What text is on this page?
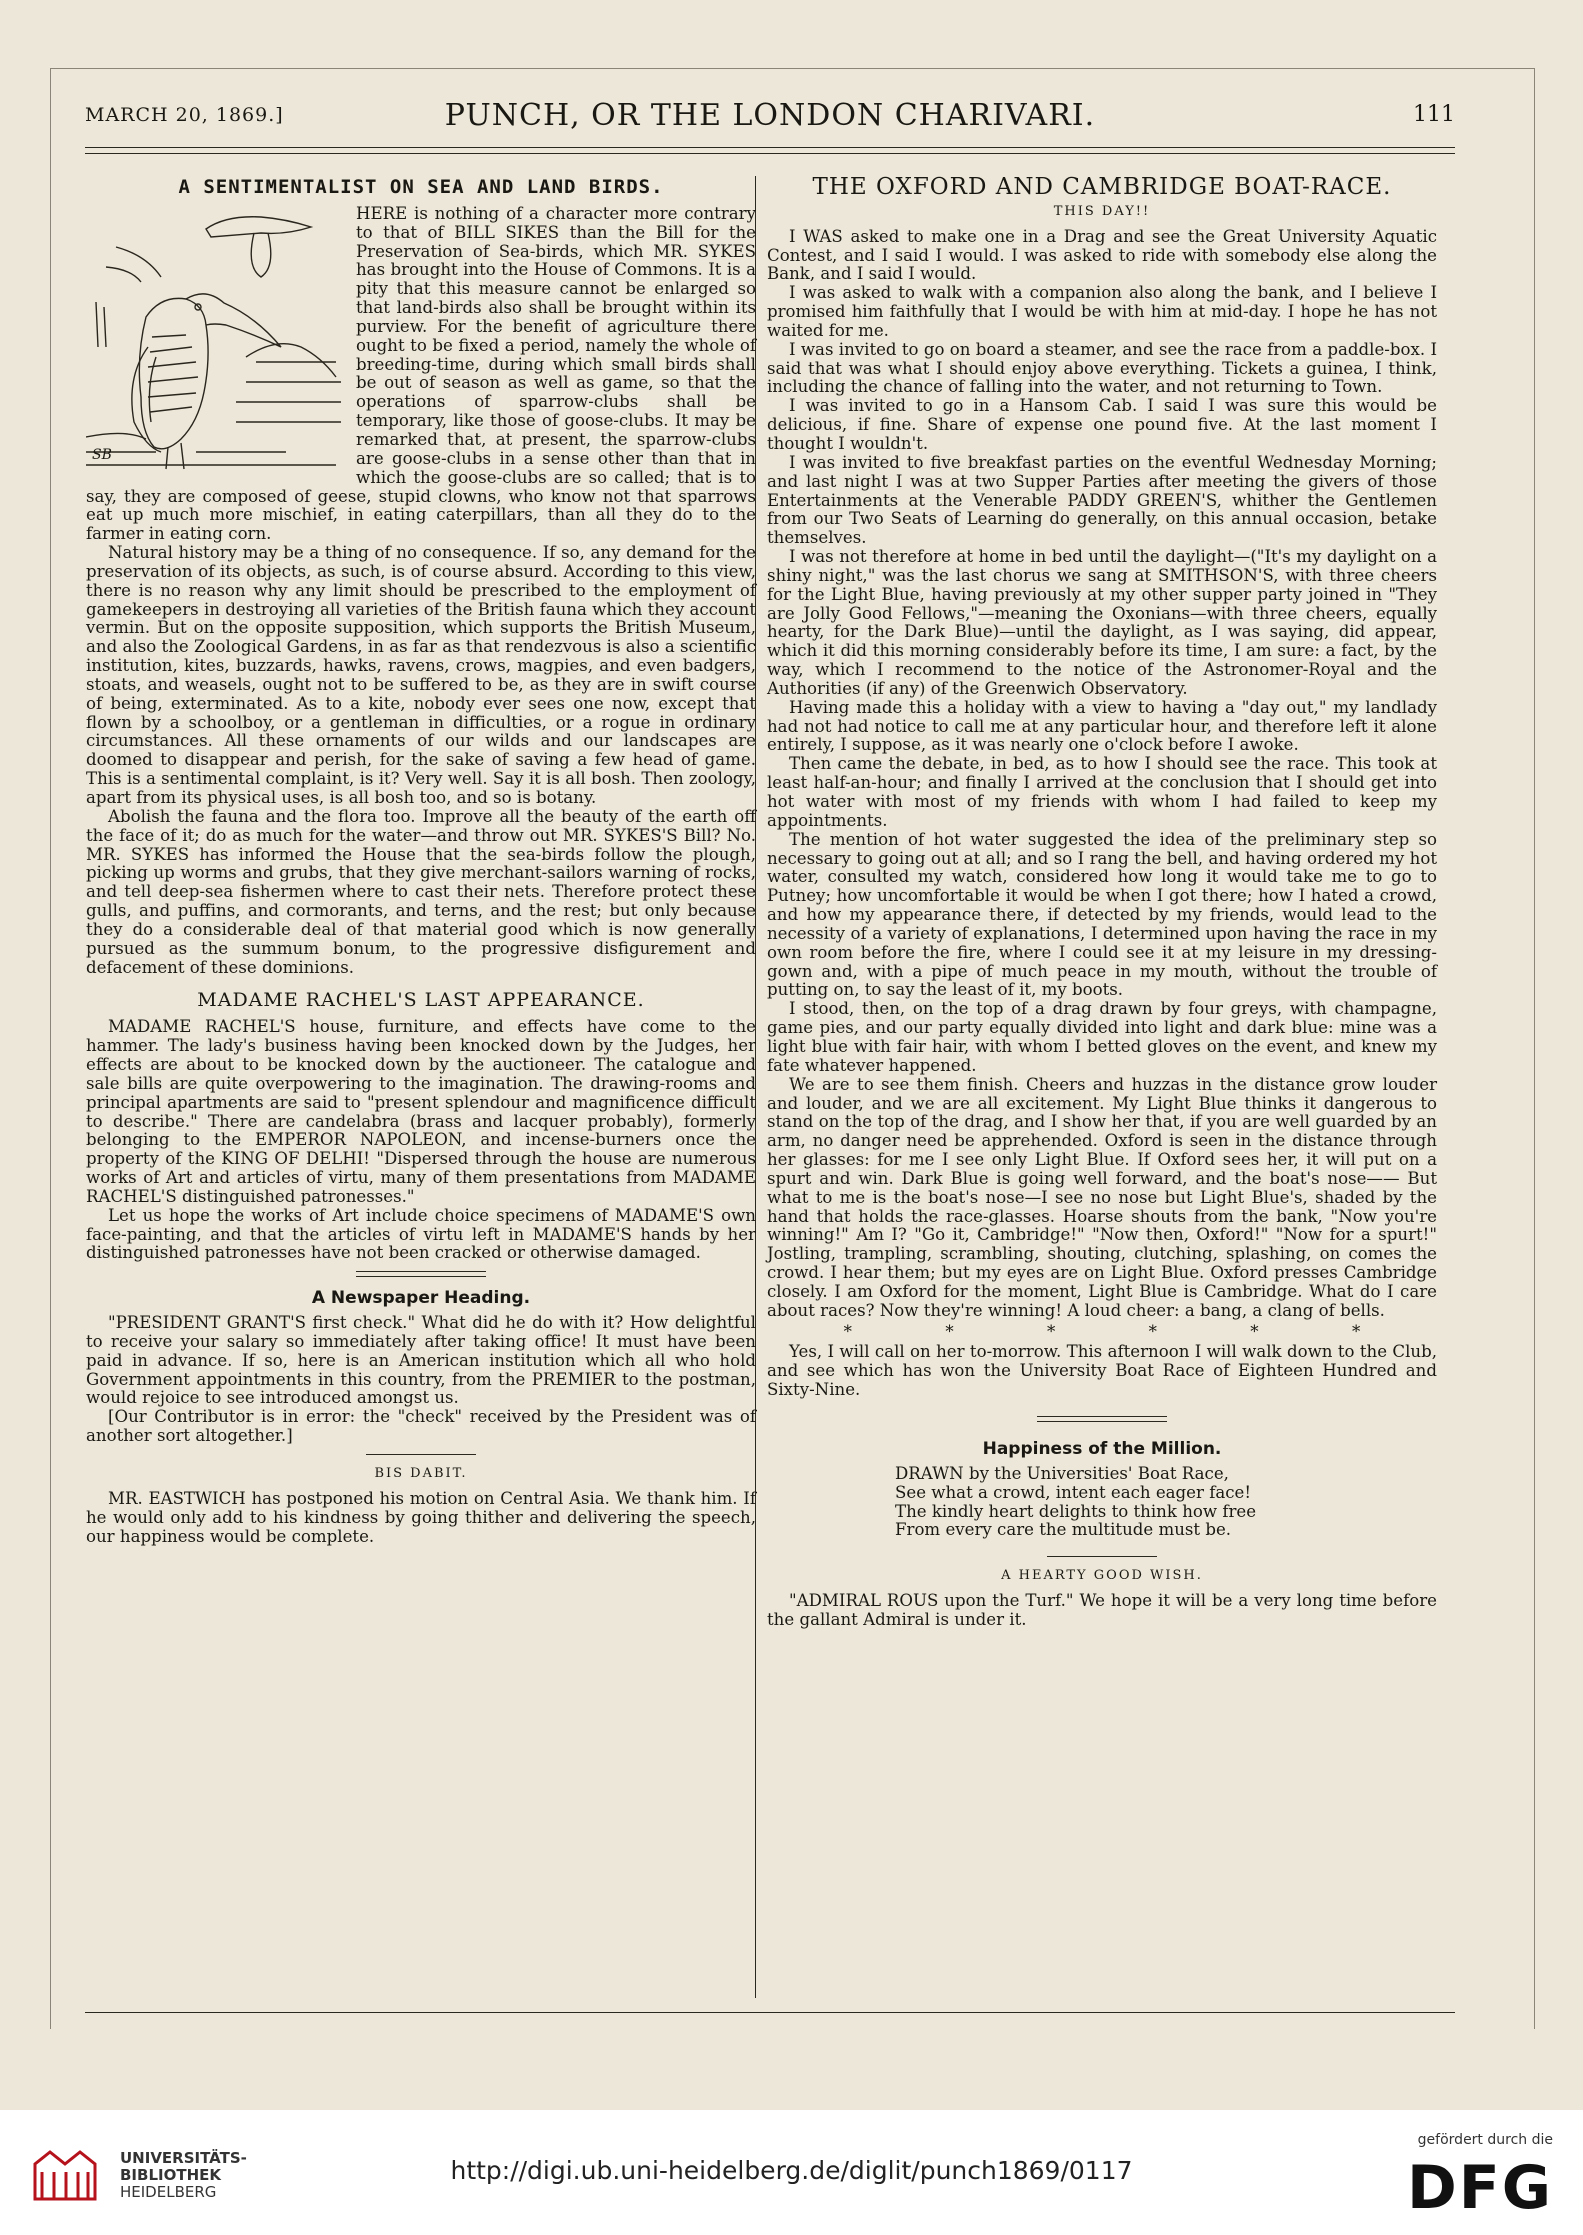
MARCH 20, 1869.]	PUNCH, OR THE LONDON CHARIVARI.	111
A SENTIMENTALIST ON SEA AND LAND BIRDS.
SB

HERE is nothing of a character more contrary to that of BILL SIKES than the Bill for the Preservation of Sea-birds, which MR. SYKES has brought into the House of Commons. It is a pity that this measure cannot be enlarged so that land-birds also shall be brought within its purview. For the benefit of agriculture there ought to be fixed a period, namely the whole of breeding-time, during which small birds shall be out of season as well as game, so that the operations of sparrow-clubs shall be temporary, like those of goose-clubs. It may be remarked that, at present, the sparrow-clubs are goose-clubs in a sense other than that in which the goose-clubs are so called; that is to say, they are composed of geese, stupid clowns, who know not that sparrows eat up much more mischief, in eating caterpillars, than all they do to the farmer in eating corn.

Natural history may be a thing of no consequence. If so, any demand for the preservation of its objects, as such, is of course absurd. According to this view, there is no reason why any limit should be prescribed to the employment of gamekeepers in destroying all varieties of the British fauna which they account vermin. But on the opposite supposition, which supports the British Museum, and also the Zoological Gardens, in as far as that rendezvous is also a scientific institution, kites, buzzards, hawks, ravens, crows, magpies, and even badgers, stoats, and weasels, ought not to be suffered to be, as they are in swift course of being, exterminated. As to a kite, nobody ever sees one now, except that flown by a schoolboy, or a gentleman in difficulties, or a rogue in ordinary circumstances. All these ornaments of our wilds and our landscapes are doomed to disappear and perish, for the sake of saving a few head of game. This is a sentimental complaint, is it? Very well. Say it is all bosh. Then zoology, apart from its physical uses, is all bosh too, and so is botany.

Abolish the fauna and the flora too. Improve all the beauty of the earth off the face of it; do as much for the water—and throw out MR. SYKES'S Bill? No. MR. SYKES has informed the House that the sea-birds follow the plough, picking up worms and grubs, that they give merchant-sailors warning of rocks, and tell deep-sea fishermen where to cast their nets. Therefore protect these gulls, and puffins, and cormorants, and terns, and the rest; but only because they do a considerable deal of that material good which is now generally pursued as the summum bonum, to the progressive disfigurement and defacement of these dominions.

MADAME RACHEL'S LAST APPEARANCE.

MADAME RACHEL'S house, furniture, and effects have come to the hammer. The lady's business having been knocked down by the Judges, her effects are about to be knocked down by the auctioneer. The catalogue and sale bills are quite overpowering to the imagination. The drawing-rooms and principal apartments are said to "present splendour and magnificence difficult to describe." There are candelabra (brass and lacquer probably), formerly belonging to the EMPEROR NAPOLEON, and incense-burners once the property of the KING OF DELHI! "Dispersed through the house are numerous works of Art and articles of virtu, many of them presentations from MADAME RACHEL'S distinguished patronesses."

Let us hope the works of Art include choice specimens of MADAME'S own face-painting, and that the articles of virtu left in MADAME'S hands by her distinguished patronesses have not been cracked or otherwise damaged.

A Newspaper Heading.

"PRESIDENT GRANT'S first check." What did he do with it? How delightful to receive your salary so immediately after taking office! It must have been paid in advance. If so, here is an American institution which all who hold Government appointments in this country, from the PREMIER to the postman, would rejoice to see introduced amongst us.

[Our Contributor is in error: the "check" received by the President was of another sort altogether.]

BIS DABIT.

MR. EASTWICH has postponed his motion on Central Asia. We thank him. If he would only add to his kindness by going thither and delivering the speech, our happiness would be complete.

THE OXFORD AND CAMBRIDGE BOAT-RACE.
THIS DAY!!

I WAS asked to make one in a Drag and see the Great University Aquatic Contest, and I said I would. I was asked to ride with somebody else along the Bank, and I said I would.

I was asked to walk with a companion also along the bank, and I believe I promised him faithfully that I would be with him at mid-day. I hope he has not waited for me.

I was invited to go on board a steamer, and see the race from a paddle-box. I said that was what I should enjoy above everything. Tickets a guinea, I think, including the chance of falling into the water, and not returning to Town.

I was invited to go in a Hansom Cab. I said I was sure this would be delicious, if fine. Share of expense one pound five. At the last moment I thought I wouldn't.

I was invited to five breakfast parties on the eventful Wednesday Morning; and last night I was at two Supper Parties after meeting the givers of those Entertainments at the Venerable PADDY GREEN'S, whither the Gentlemen from our Two Seats of Learning do generally, on this annual occasion, betake themselves.

I was not therefore at home in bed until the daylight—("It's my daylight on a shiny night," was the last chorus we sang at SMITHSON'S, with three cheers for the Light Blue, having previously at my other supper party joined in "They are Jolly Good Fellows,"—meaning the Oxonians—with three cheers, equally hearty, for the Dark Blue)—until the daylight, as I was saying, did appear, which it did this morning considerably before its time, I am sure: a fact, by the way, which I recommend to the notice of the Astronomer-Royal and the Authorities (if any) of the Greenwich Observatory.

Having made this a holiday with a view to having a "day out," my landlady had not had notice to call me at any particular hour, and therefore left it alone entirely, I suppose, as it was nearly one o'clock before I awoke.

Then came the debate, in bed, as to how I should see the race. This took at least half-an-hour; and finally I arrived at the conclusion that I should get into hot water with most of my friends with whom I had failed to keep my appointments.

The mention of hot water suggested the idea of the preliminary step so necessary to going out at all; and so I rang the bell, and having ordered my hot water, consulted my watch, considered how long it would take me to go to Putney; how uncomfortable it would be when I got there; how I hated a crowd, and how my appearance there, if detected by my friends, would lead to the necessity of a variety of explanations, I determined upon having the race in my own room before the fire, where I could see it at my leisure in my dressing-gown and, with a pipe of much peace in my mouth, without the trouble of putting on, to say the least of it, my boots.

I stood, then, on the top of a drag drawn by four greys, with champagne, game pies, and our party equally divided into light and dark blue: mine was a light blue with fair hair, with whom I betted gloves on the event, and knew my fate whatever happened.

We are to see them finish. Cheers and huzzas in the distance grow louder and louder, and we are all excitement. My Light Blue thinks it dangerous to stand on the top of the drag, and I show her that, if you are well guarded by an arm, no danger need be apprehended. Oxford is seen in the distance through her glasses: for me I see only Light Blue. If Oxford sees her, it will put on a spurt and win. Dark Blue is going well forward, and the boat's nose—— But what to me is the boat's nose—I see no nose but Light Blue's, shaded by the hand that holds the race-glasses. Hoarse shouts from the bank, "Now you're winning!" Am I? "Go it, Cambridge!" "Now then, Oxford!" "Now for a spurt!" Jostling, trampling, scrambling, shouting, clutching, splashing, on comes the crowd. I hear them; but my eyes are on Light Blue. Oxford presses Cambridge closely. I am Oxford for the moment, Light Blue is Cambridge. What do I care about races? Now they're winning! A loud cheer: a bang, a clang of bells.

*	*	*	*	*	*

Yes, I will call on her to-morrow. This afternoon I will walk down to the Club, and see which has won the University Boat Race of Eighteen Hundred and Sixty-Nine.

Happiness of the Million.

DRAWN by the Universities' Boat Race,

See what a crowd, intent each eager face!

The kindly heart delights to think how free

From every care the multitude must be.

A HEARTY GOOD WISH.

"ADMIRAL ROUS upon the Turf." We hope it will be a very long time before the gallant Admiral is under it.

UNIVERSITÄTS-
BIBLIOTHEK
HEIDELBERG
http://digi.ub.uni-heidelberg.de/diglit/punch1869/0117
gefördert durch die
DFG
